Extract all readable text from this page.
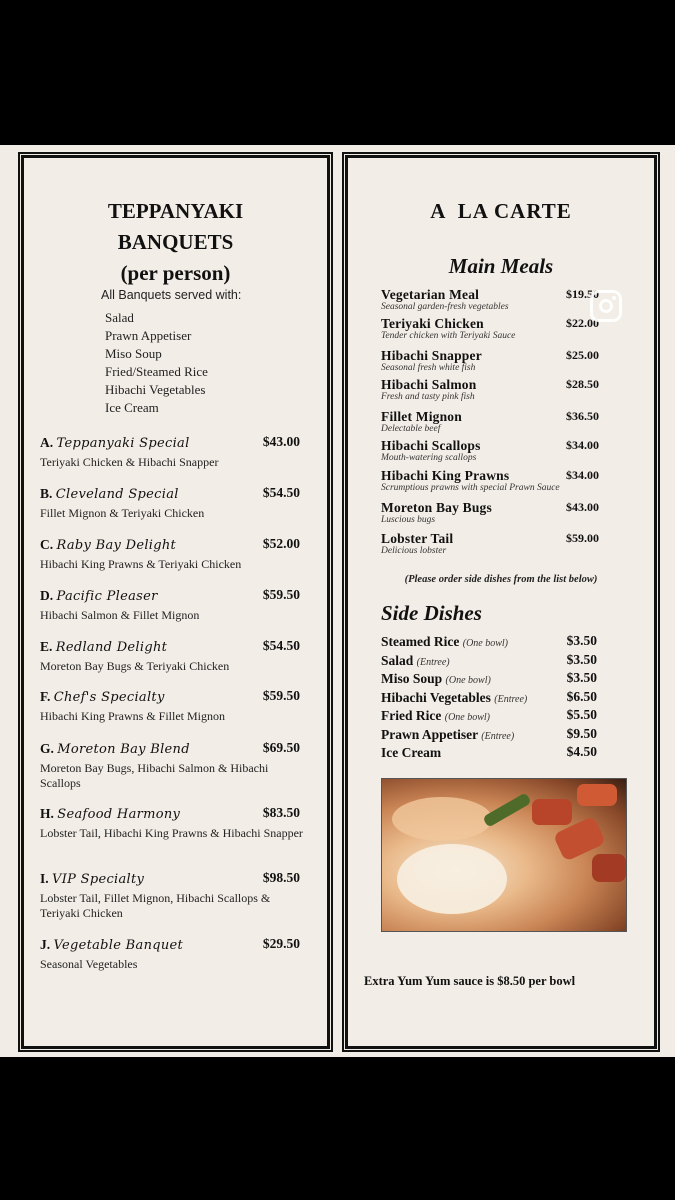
TEPPANYAKI
BANQUETS
(per person)
All Banquets served with:
Salad
Prawn Appetiser
Miso Soup
Fried/Steamed Rice
Hibachi Vegetables
Ice Cream
A. Teppanyaki Special	$43.00
Teriyaki Chicken & Hibachi Snapper
B. Cleveland Special	$54.50
Fillet Mignon & Teriyaki Chicken
C. Raby Bay Delight	$52.00
Hibachi King Prawns & Teriyaki Chicken
D. Pacific Pleaser	$59.50
Hibachi Salmon & Fillet Mignon
E. Redland Delight	$54.50
Moreton Bay Bugs & Teriyaki Chicken
F. Chef's Specialty	$59.50
Hibachi King Prawns & Fillet Mignon
G. Moreton Bay Blend	$69.50
Moreton Bay Bugs, Hibachi Salmon & Hibachi Scallops
H. Seafood Harmony	$83.50
Lobster Tail, Hibachi King Prawns & Hibachi Snapper
I. VIP Specialty	$98.50
Lobster Tail, Fillet Mignon, Hibachi Scallops & Teriyaki Chicken
J. Vegetable Banquet	$29.50
Seasonal Vegetables
A  LA CARTE
Main Meals
Vegetarian Meal	$19.50
Seasonal garden-fresh vegetables
Teriyaki Chicken	$22.00
Tender chicken with Teriyaki Sauce
Hibachi Snapper	$25.00
Seasonal fresh white fish
Hibachi Salmon	$28.50
Fresh and tasty pink fish
Fillet Mignon	$36.50
Delectable beef
Hibachi Scallops	$34.00
Mouth-watering scallops
Hibachi King Prawns	$34.00
Scrumptious prawns with special Prawn Sauce
Moreton Bay Bugs	$43.00
Luscious bugs
Lobster Tail	$59.00
Delicious lobster
(Please order side dishes from the list below)
Side Dishes
Steamed Rice (One bowl)	$3.50
Salad (Entree)	$3.50
Miso Soup (One bowl)	$3.50
Hibachi Vegetables (Entree)	$6.50
Fried Rice (One bowl)	$5.50
Prawn Appetiser (Entree)	$9.50
Ice Cream	$4.50
Extra Yum Yum sauce is $8.50 per bowl
